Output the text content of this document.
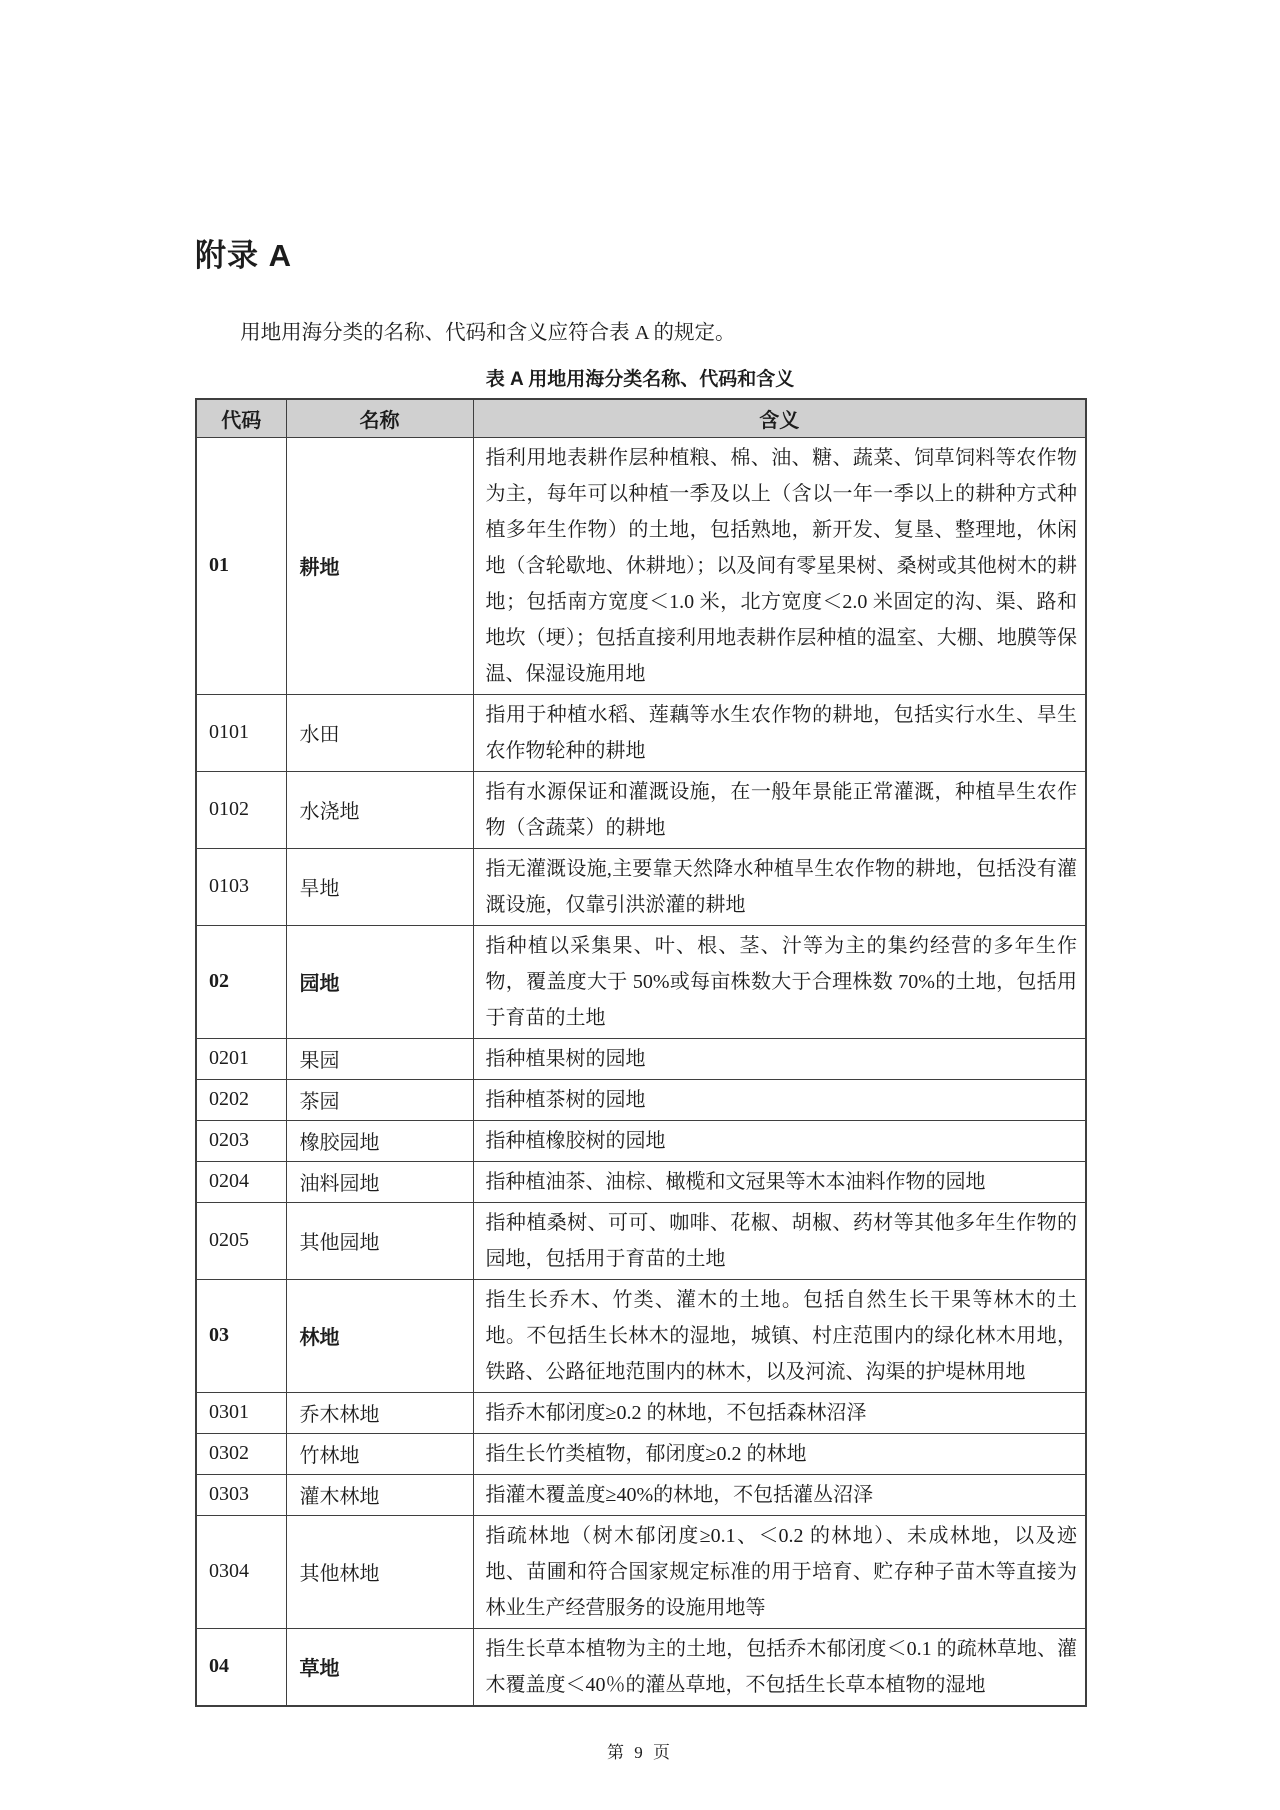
附录 A

用地用海分类的名称、代码和含义应符合表 A 的规定。

表 A 用地用海分类名称、代码和含义
代码	名称	含义
01	耕地	指利用地表耕作层种植粮、棉、油、糖、蔬菜、饲草饲料等农作物为主，每年可以种植一季及以上（含以一年一季以上的耕种方式种植多年生作物）的土地，包括熟地，新开发、复垦、整理地，休闲地（含轮歇地、休耕地）；以及间有零星果树、桑树或其他树木的耕地；包括南方宽度＜1.0 米，北方宽度＜2.0 米固定的沟、渠、路和地坎（埂）；包括直接利用地表耕作层种植的温室、大棚、地膜等保温、保湿设施用地
0101	水田	指用于种植水稻、莲藕等水生农作物的耕地，包括实行水生、旱生农作物轮种的耕地
0102	水浇地	指有水源保证和灌溉设施，在一般年景能正常灌溉，种植旱生农作物（含蔬菜）的耕地
0103	旱地	指无灌溉设施,主要靠天然降水种植旱生农作物的耕地，包括没有灌溉设施，仅靠引洪淤灌的耕地
02	园地	指种植以采集果、叶、根、茎、汁等为主的集约经营的多年生作物，覆盖度大于 50%或每亩株数大于合理株数 70%的土地，包括用于育苗的土地
0201	果园	指种植果树的园地
0202	茶园	指种植茶树的园地
0203	橡胶园地	指种植橡胶树的园地
0204	油料园地	指种植油茶、油棕、橄榄和文冠果等木本油料作物的园地
0205	其他园地	指种植桑树、可可、咖啡、花椒、胡椒、药材等其他多年生作物的园地，包括用于育苗的土地
03	林地	指生长乔木、竹类、灌木的土地。包括自然生长干果等林木的土地。不包括生长林木的湿地，城镇、村庄范围内的绿化林木用地，铁路、公路征地范围内的林木，以及河流、沟渠的护堤林用地
0301	乔木林地	指乔木郁闭度≥0.2 的林地，不包括森林沼泽
0302	竹林地	指生长竹类植物，郁闭度≥0.2 的林地
0303	灌木林地	指灌木覆盖度≥40%的林地，不包括灌丛沼泽
0304	其他林地	指疏林地（树木郁闭度≥0.1、＜0.2 的林地）、未成林地，以及迹地、苗圃和符合国家规定标准的用于培育、贮存种子苗木等直接为林业生产经营服务的设施用地等
04	草地	指生长草本植物为主的土地，包括乔木郁闭度＜0.1 的疏林草地、灌木覆盖度＜40％的灌丛草地，不包括生长草本植物的湿地
第 9 页
